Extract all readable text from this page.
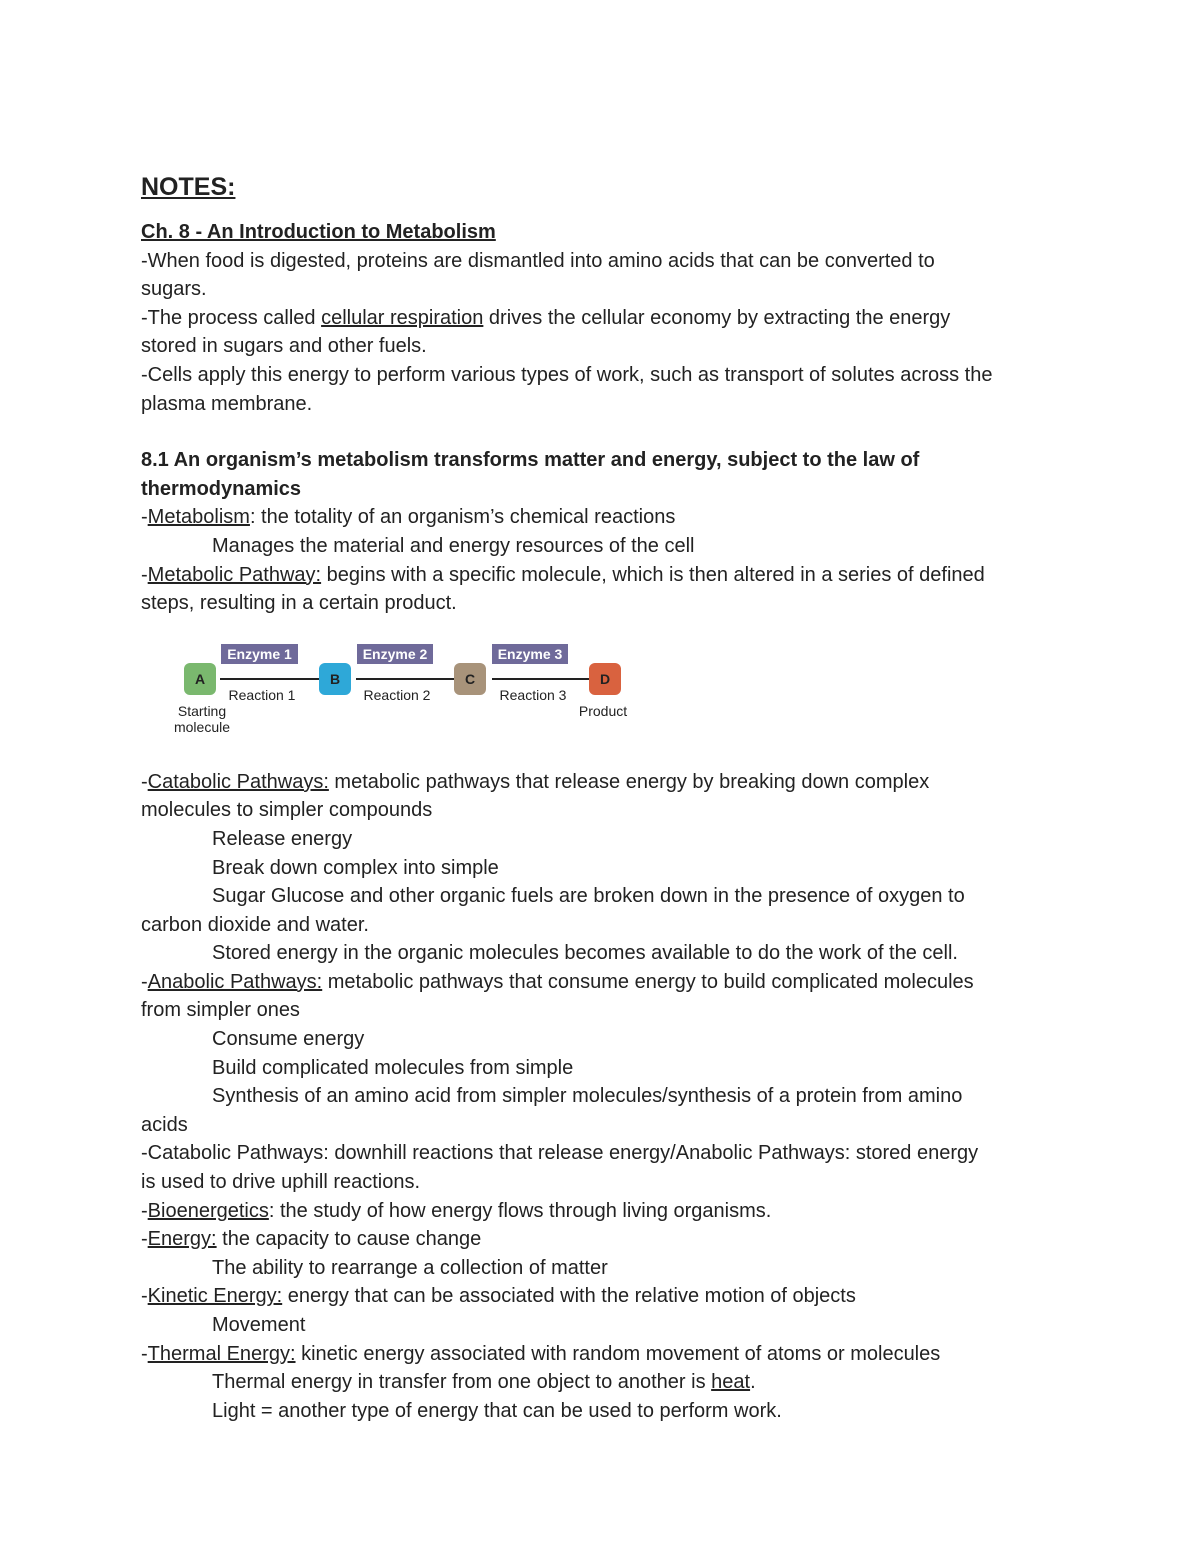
NOTES:

Ch. 8 - An Introduction to Metabolism

-When food is digested, proteins are dismantled into amino acids that can be converted to

sugars.

-The process called cellular respiration drives the cellular economy by extracting the energy

stored in sugars and other fuels.

-Cells apply this energy to perform various types of work, such as transport of solutes across the

plasma membrane.

8.1 An organism’s metabolism transforms matter and energy, subject to the law of

thermodynamics

-Metabolism: the totality of an organism’s chemical reactions

Manages the material and energy resources of the cell

-Metabolic Pathway: begins with a specific molecule, which is then altered in a series of defined

steps, resulting in a certain product.

Enzyme 1	Enzyme 2	Enzyme 3
A	B	C	D
Reaction 1	Reaction 2	Reaction 3
Starting
molecule
Product

-Catabolic Pathways: metabolic pathways that release energy by breaking down complex

molecules to simpler compounds

Release energy

Break down complex into simple

Sugar Glucose and other organic fuels are broken down in the presence of oxygen to

carbon dioxide and water.

Stored energy in the organic molecules becomes available to do the work of the cell.

-Anabolic Pathways: metabolic pathways that consume energy to build complicated molecules

from simpler ones

Consume energy

Build complicated molecules from simple

Synthesis of an amino acid from simpler molecules/synthesis of a protein from amino

acids

-Catabolic Pathways: downhill reactions that release energy/Anabolic Pathways: stored energy

is used to drive uphill reactions.

-Bioenergetics: the study of how energy flows through living organisms.

-Energy: the capacity to cause change

The ability to rearrange a collection of matter

-Kinetic Energy: energy that can be associated with the relative motion of objects

Movement

-Thermal Energy: kinetic energy associated with random movement of atoms or molecules

Thermal energy in transfer from one object to another is heat.

Light = another type of energy that can be used to perform work.
